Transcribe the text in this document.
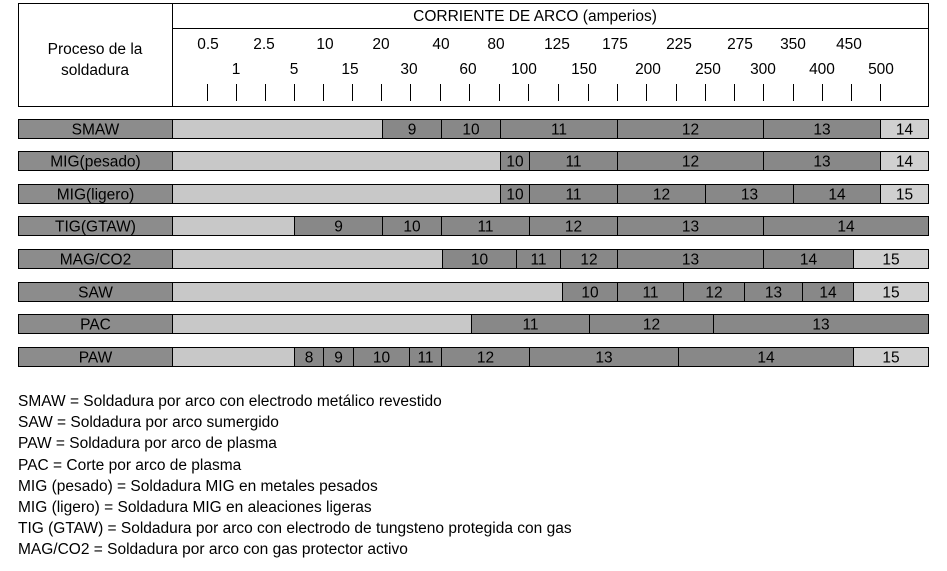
Proceso de la
soldadura
CORRIENTE DE ARCO (amperios)
0.5 2.5	10	20	40 80	125 175 225 275 350 450
1	5	15	30	60 100 150 200 250 300 400 500
SMAW	9	10	11	12	13	14
MIG(pesado)	10	11	12	13	14
MIG(ligero)	10	11	12	13	14	15
TIG(GTAW)	9	10	11	12	13	14
MAG/CO2	10	11 12	13	14	15
SAW	10	11	12	13 14	15
PAC	11	12	13
PAW	8 9 10 11	12	13	14	15
SMAW = Soldadura por arco con electrodo metálico revestido
SAW = Soldadura por arco sumergido
PAW = Soldadura por arco de plasma
PAC = Corte por arco de plasma
MIG (pesado) = Soldadura MIG en metales pesados
MIG (ligero) = Soldadura MIG en aleaciones ligeras
TIG (GTAW) = Soldadura por arco con electrodo de tungsteno protegida con gas
MAG/CO2 = Soldadura por arco con gas protector activo
